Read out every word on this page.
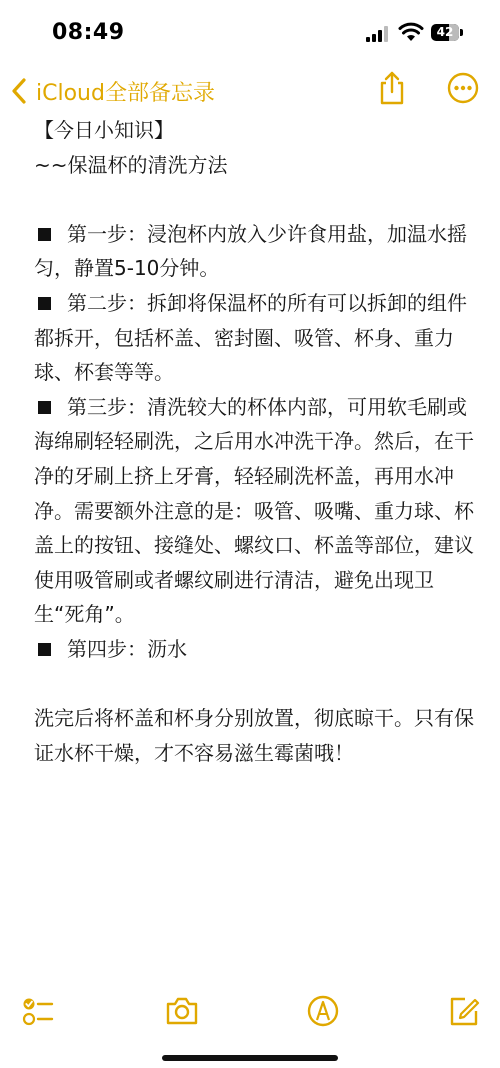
08:49	42
iCloud全部备忘录

【今日小知识】

~~保温杯的清洗方法

第一步：浸泡杯内放入少许食用盐，加温水摇匀，静置5-10分钟。

第二步：拆卸将保温杯的所有可以拆卸的组件都拆开，包括杯盖、密封圈、吸管、杯身、重力球、杯套等等。

第三步：清洗较大的杯体内部，可用软毛刷或海绵刷轻轻刷洗，之后用水冲洗干净。然后，在干净的牙刷上挤上牙膏，轻轻刷洗杯盖，再用水冲净。需要额外注意的是：吸管、吸嘴、重力球、杯盖上的按钮、接缝处、螺纹口、杯盖等部位，建议使用吸管刷或者螺纹刷进行清洁，避免出现卫生“死角”。

第四步：沥水

洗完后将杯盖和杯身分别放置，彻底晾干。只有保证水杯干燥，才不容易滋生霉菌哦！
